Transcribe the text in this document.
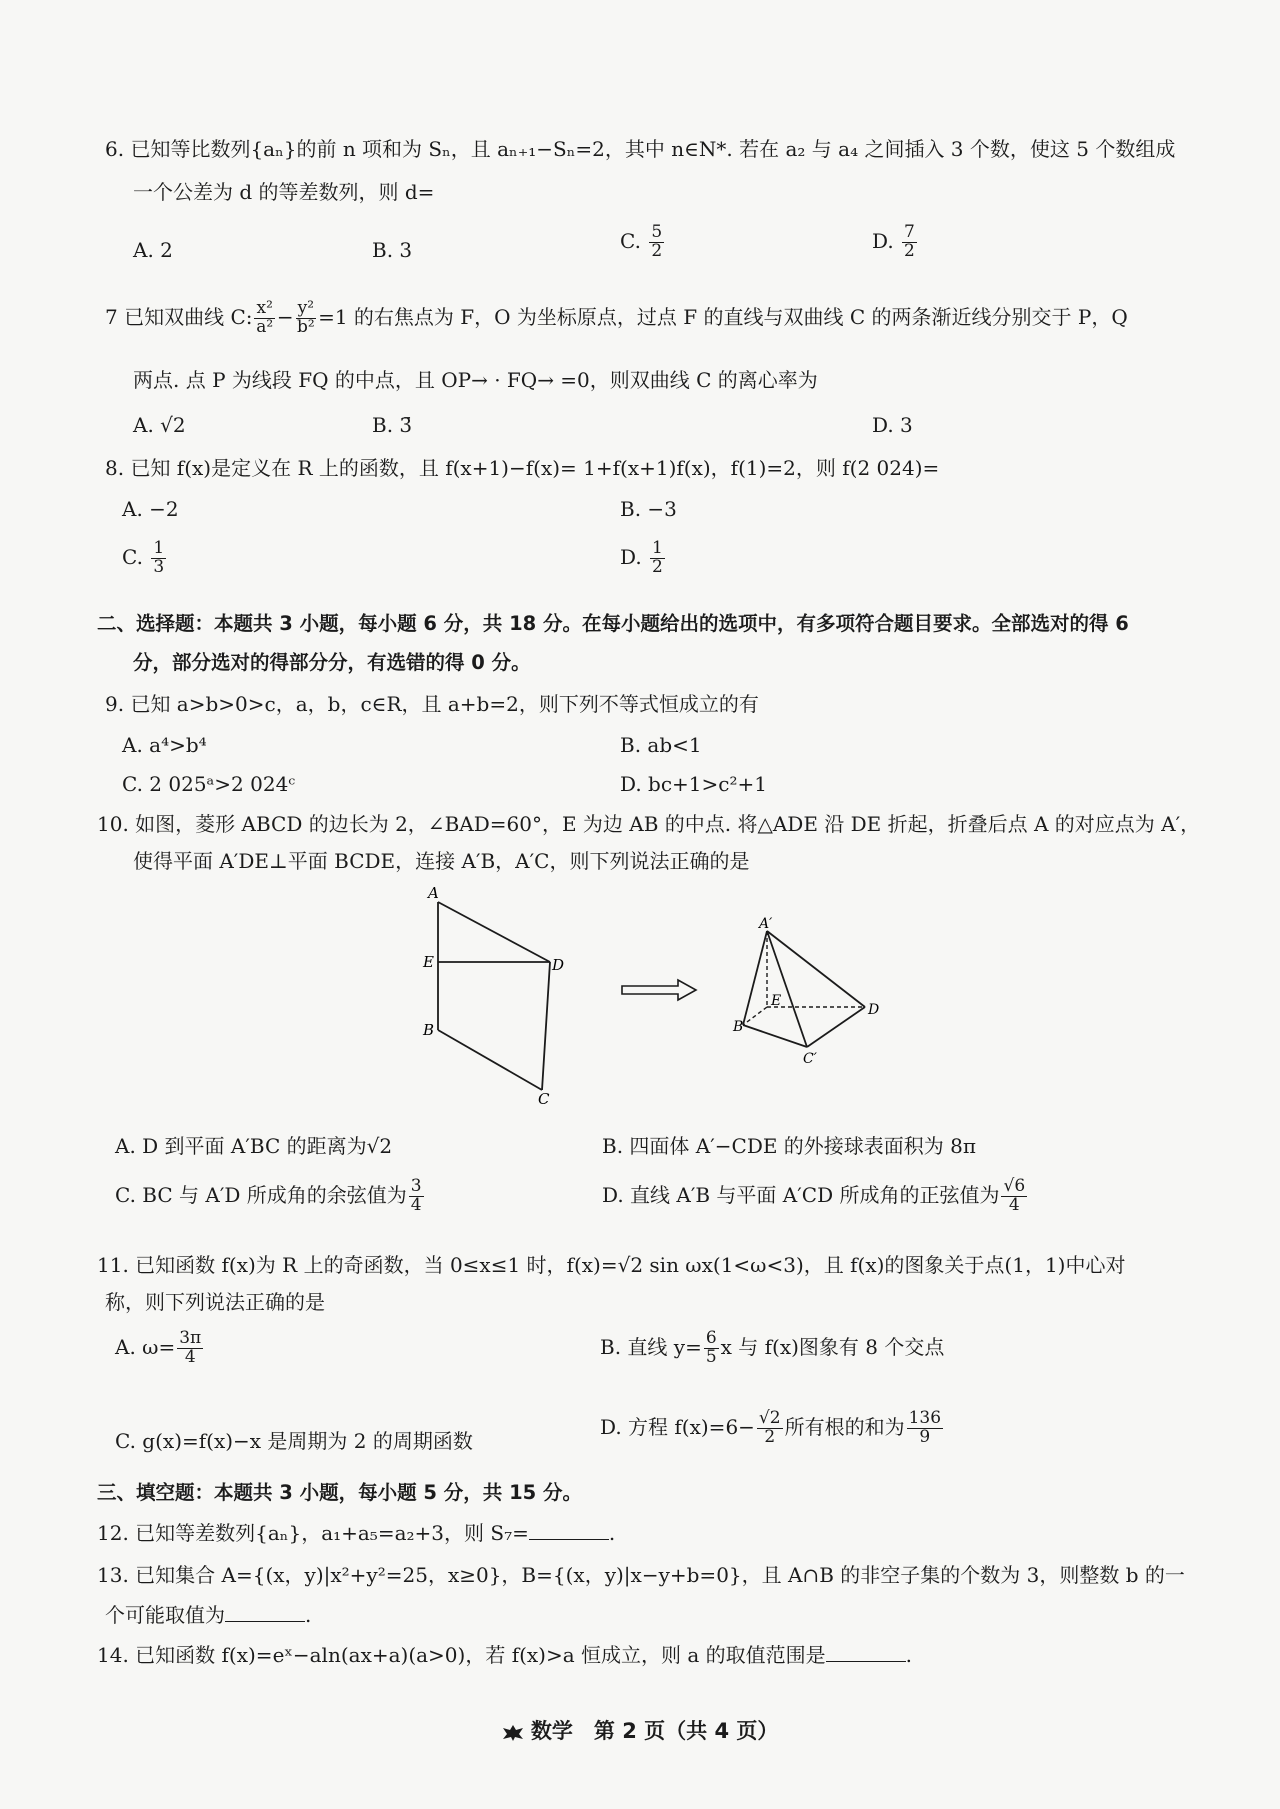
6. 已知等比数列{aₙ}的前 n 项和为 Sₙ，且 aₙ₊₁−Sₙ=2，其中 n∈N*. 若在 a₂ 与 a₄ 之间插入 3 个数，使这 5 个数组成
一个公差为 d 的等差数列，则 d=
A. 2	B. 3	C. $\frac{5}{2}$	D. $\frac{7}{2}$
7 已知双曲线 C: $\frac{\text{x²}}{\text{a²}} - \frac{\text{y²}}{\text{b²}} =1$ 的右焦点为 F，O 为坐标原点，过点 F 的直线与双曲线 C 的两条渐近线分别交于 P，Q
两点. 点 P 为线段 FQ 的中点，且 OP→ · FQ→ =0，则双曲线 C 的离心率为
A. √2	B. 3̄	D. 3
8. 已知 f(x)是定义在 R 上的函数，且 f(x+1)−f(x)= 1+f(x+1)f(x)，f(1)=2，则 f(2 024)=
A. −2	B. −3
C. $\frac{1}{3}$	D. $\frac{1}{2}$
二、选择题：本题共 3 小题，每小题 6 分，共 18 分。在每小题给出的选项中，有多项符合题目要求。全部选对的得 6
分，部分选对的得部分分，有选错的得 0 分。
9. 已知 a>b>0>c，a，b，c∈R，且 a+b=2，则下列不等式恒成立的有
A. a⁴>b⁴	B. ab<1
C. 2 025ᵃ>2 024ᶜ	D. bc+1>c²+1
10. 如图，菱形 ABCD 的边长为 2，∠BAD=60°，E 为边 AB 的中点. 将△ADE 沿 DE 折起，折叠后点 A 的对应点为 A′，
使得平面 A′DE⊥平面 BCDE，连接 A′B，A′C，则下列说法正确的是
A
E	D
B
C
A′
E
D
B
C′
A. D 到平面 A′BC 的距离为√2	B. 四面体 A′−CDE 的外接球表面积为 8π
C. BC 与 A′D 所成角的余弦值为 $\frac{3}{4}$	D. 直线 A′B 与平面 A′CD 所成角的正弦值为 $\frac{√6}{4}$
11. 已知函数 f(x)为 R 上的奇函数，当 0≤x≤1 时，f(x)=√2 sin ωx(1<ω<3)，且 f(x)的图象关于点(1，1)中心对
称，则下列说法正确的是
A. $\omega= \frac{3\pi}{4}$	B. 直线 $y= \frac{6}{5}$ x 与 f(x)图象有 8 个交点
C. g(x)=f(x)−x 是周期为 2 的周期函数
D. 方程 $f(x)=6- \frac{√2}{2}$ 所有根的和为 $\frac{136}{9}$
三、填空题：本题共 3 小题，每小题 5 分，共 15 分。
12. 已知等差数列{aₙ}，a₁+a₅=a₂+3，则 S₇=	.
13. 已知集合 A={(x，y)|x²+y²=25，x≥0}，B={(x，y)|x−y+b=0}，且 A∩B 的非空子集的个数为 3，则整数 b 的一
个可能取值为	.
14. 已知函数 f(x)=eˣ−aln(ax+a)(a>0)，若 f(x)>a 恒成立，则 a 的取值范围是	.
数学　第 2 页（共 4 页）
